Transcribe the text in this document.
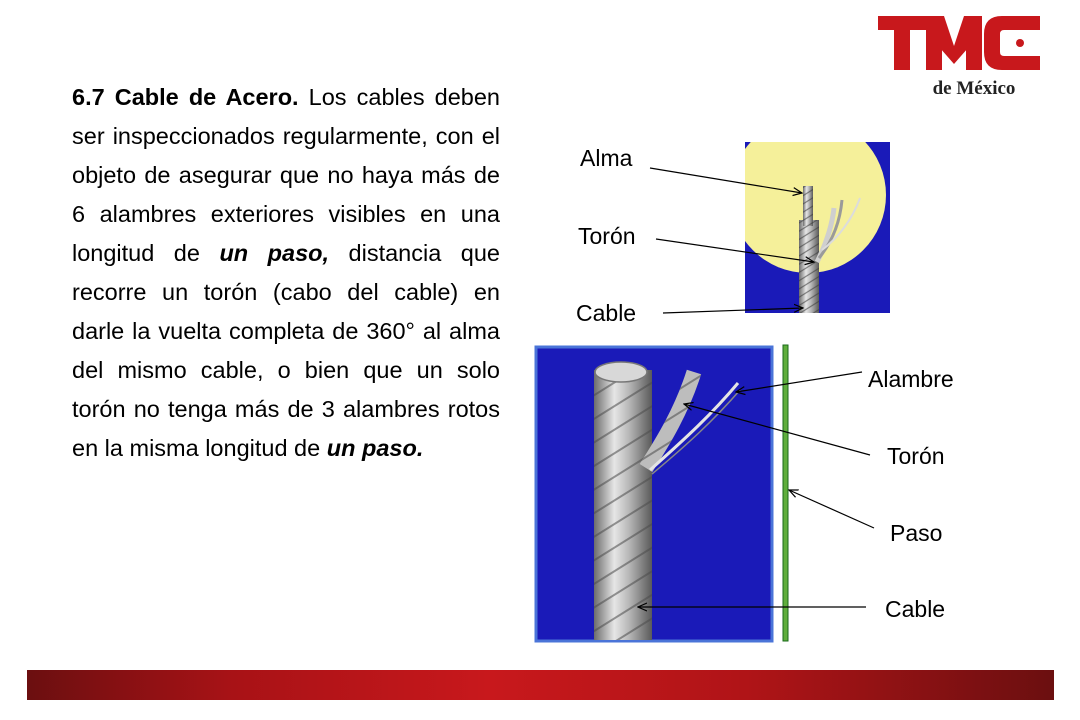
de México

6.7 Cable de Acero. Los cables deben ser inspeccionados regularmente, con el objeto de asegurar que no haya más de 6 alambres exteriores visibles en una longitud de un paso, distancia que recorre un torón (cabo del cable) en darle la vuelta completa de 360° al alma del mismo cable, o bien que un solo torón no tenga más de 3 alambres rotos en la misma longitud de un paso.

Alma
Torón
Cable
Alambre
Torón
Paso
Cable
